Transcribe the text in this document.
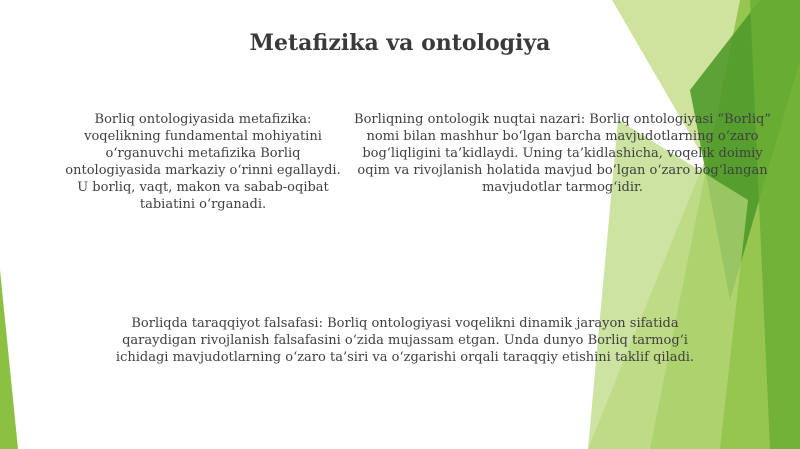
Metafizika va ontologiya

Borliq ontologiyasida metafizika: voqelikning fundamental mohiyatini o‘rganuvchi metafizika Borliq ontologiyasida markaziy o‘rinni egallaydi. U borliq, vaqt, makon va sabab-oqibat tabiatini o‘rganadi.

Borliqning ontologik nuqtai nazari: Borliq ontologiyasi “Borliq” nomi bilan mashhur bo‘lgan barcha mavjudotlarning o‘zaro bog‘liqligini ta’kidlaydi. Uning ta’kidlashicha, voqelik doimiy oqim va rivojlanish holatida mavjud bo‘lgan o‘zaro bog‘langan mavjudotlar tarmog‘idir.

Borliqda taraqqiyot falsafasi: Borliq ontologiyasi voqelikni dinamik jarayon sifatida qaraydigan rivojlanish falsafasini o‘zida mujassam etgan. Unda dunyo Borliq tarmog‘i ichidagi mavjudotlarning o‘zaro ta’siri va o‘zgarishi orqali taraqqiy etishini taklif qiladi.
